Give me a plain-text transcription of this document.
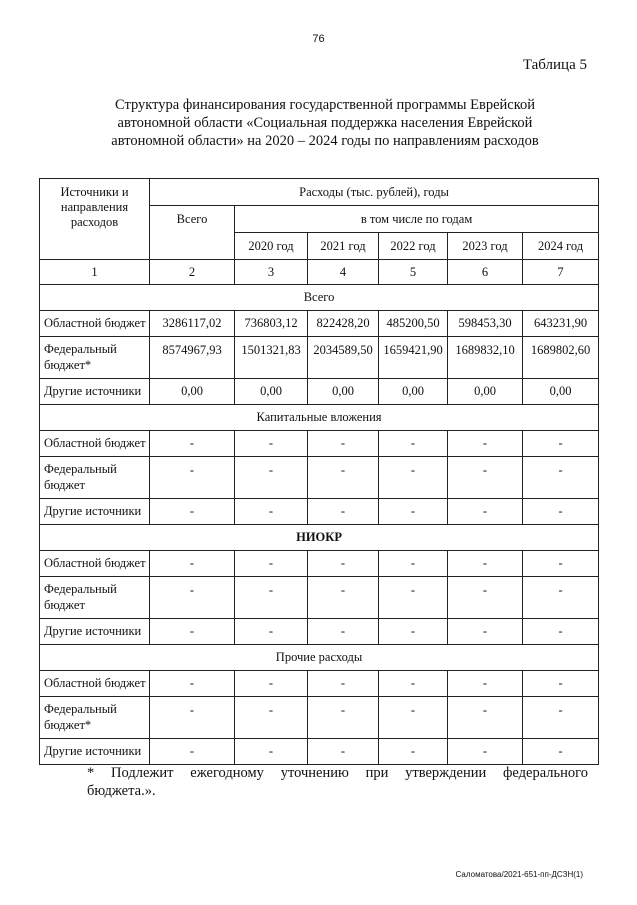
76
Таблица 5
Структура финансирования государственной программы Еврейской автономной области «Социальная поддержка населения Еврейской автономной области» на 2020 – 2024 годы по направлениям расходов
Источники и направления расходов	Расходы (тыс. рублей), годы					
	Всего	в том числе по годам				
		2020 год	2021 год	2022 год	2023 год	2024 год
1	2	3	4	5	6	7
Всего						
Областной бюджет	3286117,02	736803,12	822428,20	485200,50	598453,30	643231,90
Федеральный бюджет*	8574967,93	1501321,83	2034589,50	1659421,90	1689832,10	1689802,60
Другие источники	0,00	0,00	0,00	0,00	0,00	0,00
Капитальные вложения						
Областной бюджет	-	-	-	-	-	-
Федеральный бюджет	-	-	-	-	-	-
Другие источники	-	-	-	-	-	-
НИОКР						
Областной бюджет	-	-	-	-	-	-
Федеральный бюджет	-	-	-	-	-	-
Другие источники	-	-	-	-	-	-
Прочие расходы						
Областной бюджет	-	-	-	-	-	-
Федеральный бюджет*	-	-	-	-	-	-
Другие источники	-	-	-	-	-	-
* Подлежит ежегодному уточнению при утверждении федерального
бюджета.».
Саломатова/2021-651-пп-ДСЗН(1)
